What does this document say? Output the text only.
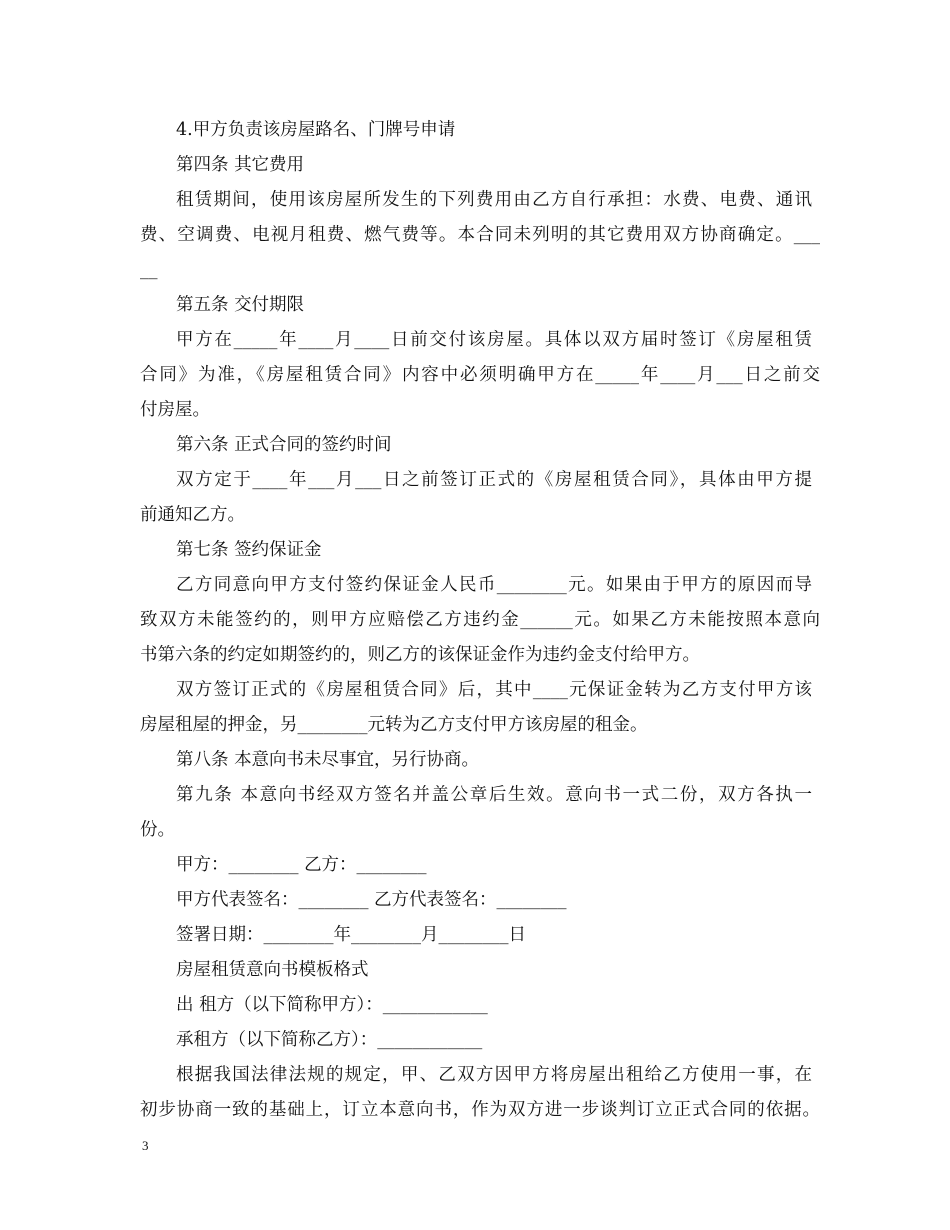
4.甲方负责该房屋路名、门牌号申请
第四条 其它费用
租赁期间，使用该房屋所发生的下列费用由乙方自行承担：水费、电费、通讯
费、空调费、电视月租费、燃气费等。本合同未列明的其它费用双方协商确定。___
__
第五条 交付期限
甲方在_____年____月____日前交付该房屋。具体以双方届时签订《房屋租赁
合同》为准，《房屋租赁合同》内容中必须明确甲方在_____年____月___日之前交
付房屋。
第六条 正式合同的签约时间
双方定于____年___月___日之前签订正式的《房屋租赁合同》，具体由甲方提
前通知乙方。
第七条 签约保证金
乙方同意向甲方支付签约保证金人民币________元。如果由于甲方的原因而导
致双方未能签约的，则甲方应赔偿乙方违约金______元。如果乙方未能按照本意向
书第六条的约定如期签约的，则乙方的该保证金作为违约金支付给甲方。
双方签订正式的《房屋租赁合同》后，其中____元保证金转为乙方支付甲方该
房屋租屋的押金，另________元转为乙方支付甲方该房屋的租金。
第八条 本意向书未尽事宜，另行协商。
第九条 本意向书经双方签名并盖公章后生效。意向书一式二份，双方各执一
份。
甲方：________ 乙方：________
甲方代表签名：________ 乙方代表签名：________
签署日期：________年________月________日
房屋租赁意向书模板格式
出 租方（以下简称甲方）：____________
承租方（以下简称乙方）：____________
根据我国法律法规的规定，甲、乙双方因甲方将房屋出租给乙方使用一事，在
初步协商一致的基础上，订立本意向书，作为双方进一步谈判订立正式合同的依据。
3
